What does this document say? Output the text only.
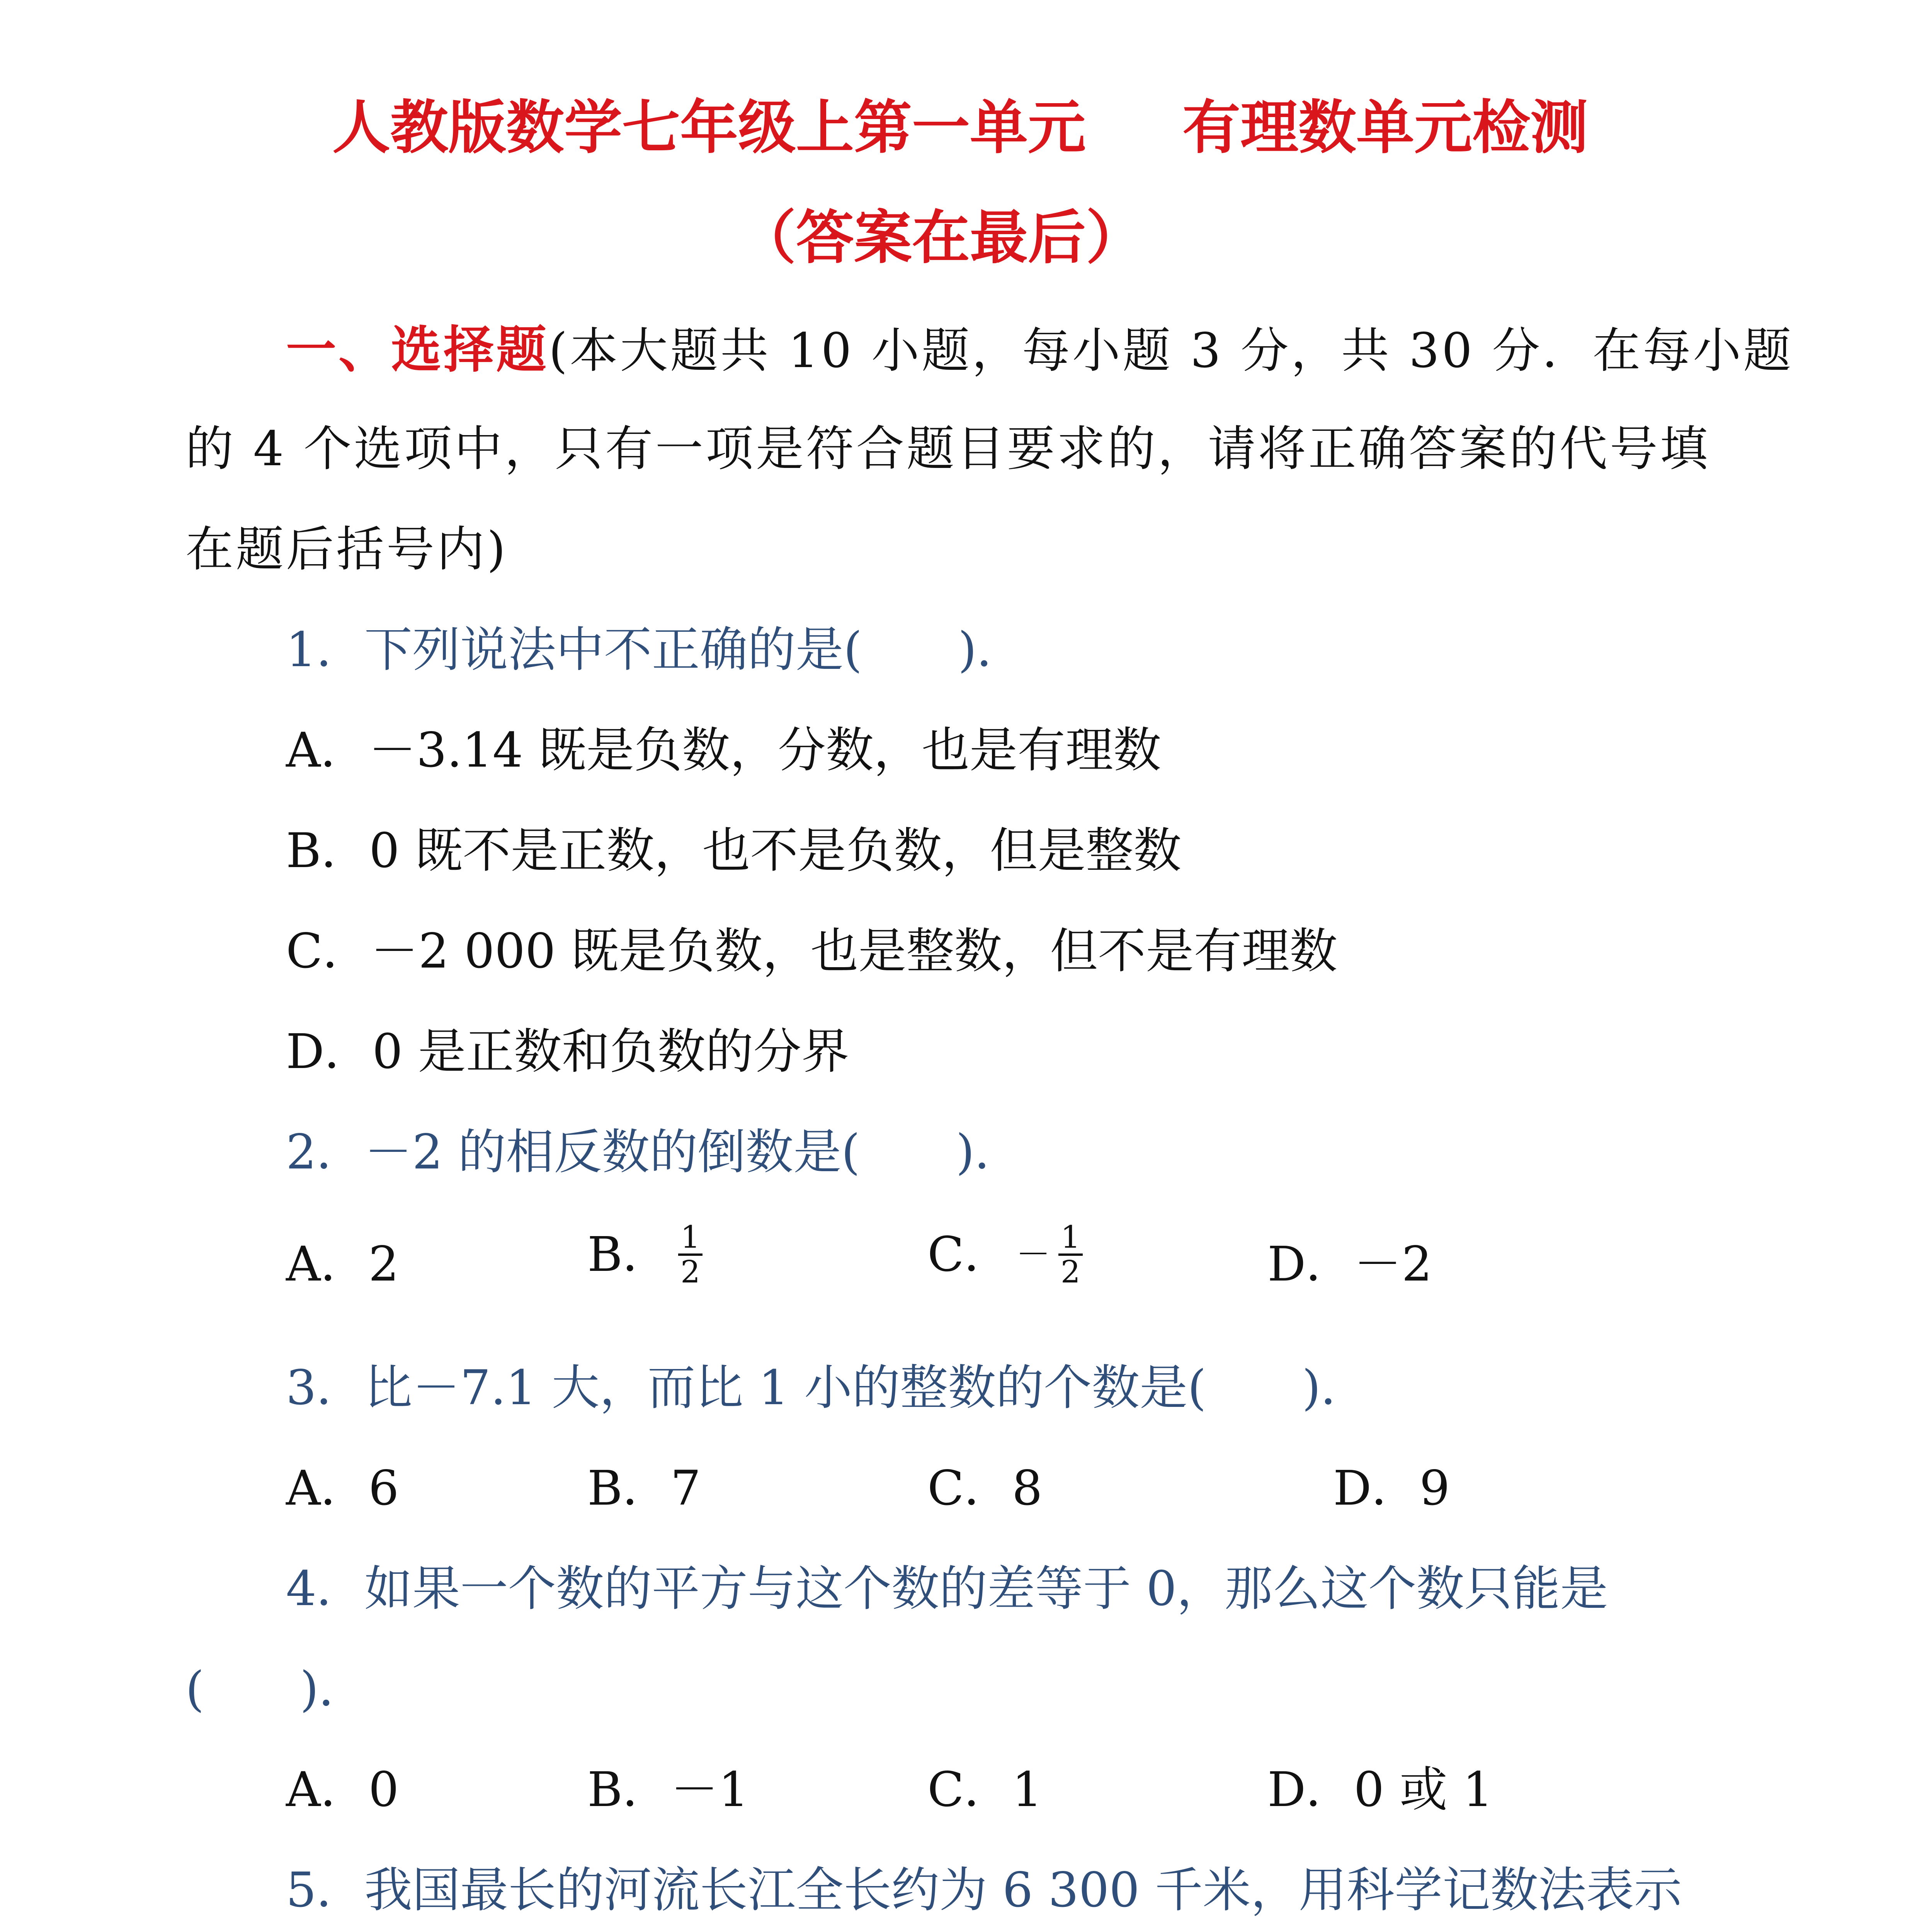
人教版数学七年级上第一单元 有理数单元检测
（答案在最后）
一、选择题(本大题共 10 小题，每小题 3 分，共 30 分．在每小题
的 4 个选项中，只有一项是符合题目要求的，请将正确答案的代号填
在题后括号内)
1．下列说法中不正确的是(　　)．
A．－3.14 既是负数，分数，也是有理数
B．0 既不是正数，也不是负数，但是整数
C．－2 000 既是负数，也是整数，但不是有理数
D．0 是正数和负数的分界
2．－2 的相反数的倒数是(　　)．
A．2	B． $\frac{1}{2}$	C． － $\frac{1}{2}$	D．－2
3．比－7.1 大，而比 1 小的整数的个数是(　　)．
A．6	B．7	C．8	D．9
4．如果一个数的平方与这个数的差等于 0，那么这个数只能是
(　　)．
A．0	B．－1	C．1	D．0 或 1
5．我国最长的河流长江全长约为 6 300 千米，用科学记数法表示
